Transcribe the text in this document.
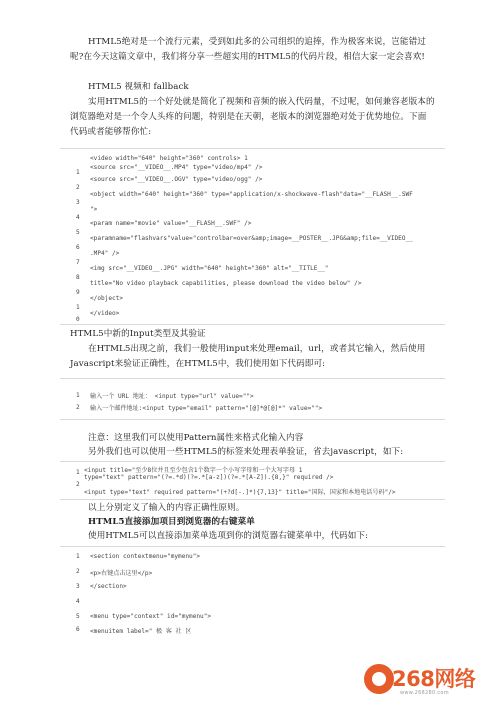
HTML5绝对是一个流行元素，受到如此多的公司组织的追捧，作为极客来说，岂能错过呢?在今天这篇文章中，我们将分享一些超实用的HTML5的代码片段，相信大家一定会喜欢!
HTML5 视频和 fallback
实用HTML5的一个好处就是简化了视频和音频的嵌入代码量，不过呢，如何兼容老版本的浏览器绝对是一个令人头疼的问题，特别是在天朝，老版本的浏览器绝对处于优势地位。下面代码或者能够帮你忙:
1
2
3
4
5
6
7
8
9
1
0
<video width="640" height="360" controls> 1
<source src="__VIDEO__.MP4" type="video/mp4" />
<source src="__VIDEO__.OGV" type="video/ogg" />
<object width="640" height="360" type="application/x-shockwave-flash"data="__FLASH__.SWF
">
<param name="movie" value="__FLASH__.SWF" />
<paramname="flashvars"value="controlbar=over&amp;image=__POSTER__.JPG&amp;file=__VIDEO__
.MP4" />
<img src="__VIDEO__.JPG" width="640" height="360" alt="__TITLE__"
title="No video playback capabilities, please download the video below" />
</object>
</video>
HTML5中新的Input类型及其验证
在HTML5出现之前，我们一般使用input来处理email，url，或者其它输入，然后使用Javascript来验证正确性，在HTML5中，我们使用如下代码即可:
1 输入一个 URL 地址： <input type="url" value="">
2 输入一个邮件地址:<input type="email" pattern="[@]*@[@]*" value="">
注意：这里我们可以使用Pattern属性来格式化输入内容
另外我们也可以使用一些HTML5的标签来处理表单验证，省去javascript，如下:
1
2
<input title="至少8位并且至少包含1个数字一个小写字母和一个大写字母 1
type="text" pattern="(?=.*d)(?=.*[a-z])(?=.*[A-Z]).{8,}" required />
<input type="text" required pattern="(+?d[-.]*){7,13}" title="国际，国家和本地电话号码"/>
以上分别定义了输入的内容正确性原则。
HTML5直接添加项目到浏览器的右键菜单
使用HTML5可以直接添加菜单选项到你的浏览器右键菜单中，代码如下:
1 <section contextmenu="mymenu">
2 <p>右键点击这里</p>
3 </section>
4
5 <menu type="context" id="mymenu">
6 <menuitem label=" 极 客 社 区
268网络
www.268280.com
